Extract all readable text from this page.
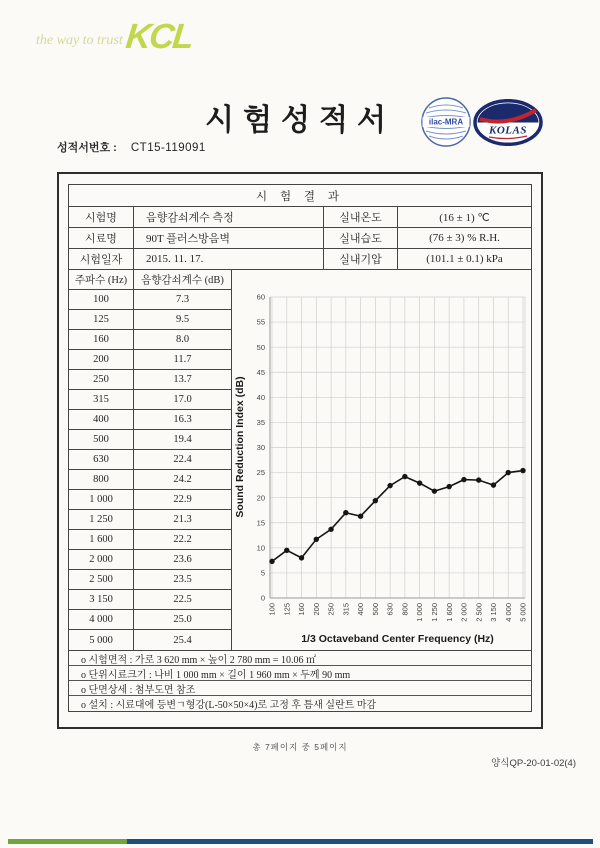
the way to trust KCL
시험성적서
성적서번호 : CT15-119091
ilac-MRA
KOLAS
시 험 결 과
시험명	음향감쇠계수 측정	실내온도	(16 ± 1) ℃
시료명	90T 플러스방음벽	실내습도	(76 ± 3) % R.H.
시험일자	2015. 11. 17.	실내기압	(101.1 ± 0.1) kPa
주파수 (Hz)	음향감쇠계수 (dB)
100	7.3
125	9.5
160	8.0
200	11.7
250	13.7
315	17.0
400	16.3
500	19.4
630	22.4
800	24.2
1 000	22.9
1 250	21.3
1 600	22.2
2 000	23.6
2 500	23.5
3 150	22.5
4 000	25.0
5 000	25.4
0
5
10
15
20
25
30
35
40
45
50
55
60
100 125 160 200 250 315 400 500 630 800 1 000 1 250 1 600 2 000 2 500 3 150 4 000 5 000
Sound Reduction Index (dB)
1/3 Octaveband Center Frequency (Hz)
o 시험면적 : 가로 3 620 mm × 높이 2 780 mm = 10.06 ㎡
o 단위시료크기 : 나비 1 000 mm × 길이 1 960 mm × 두께 90 mm
o 단면상세 : 첨부도면 참조
o 설치 : 시료대에 등변ㄱ형강(L-50×50×4)로 고정 후 틈새 실란트 마감
총 7페이지 중 5페이지
양식QP-20-01-02(4)
